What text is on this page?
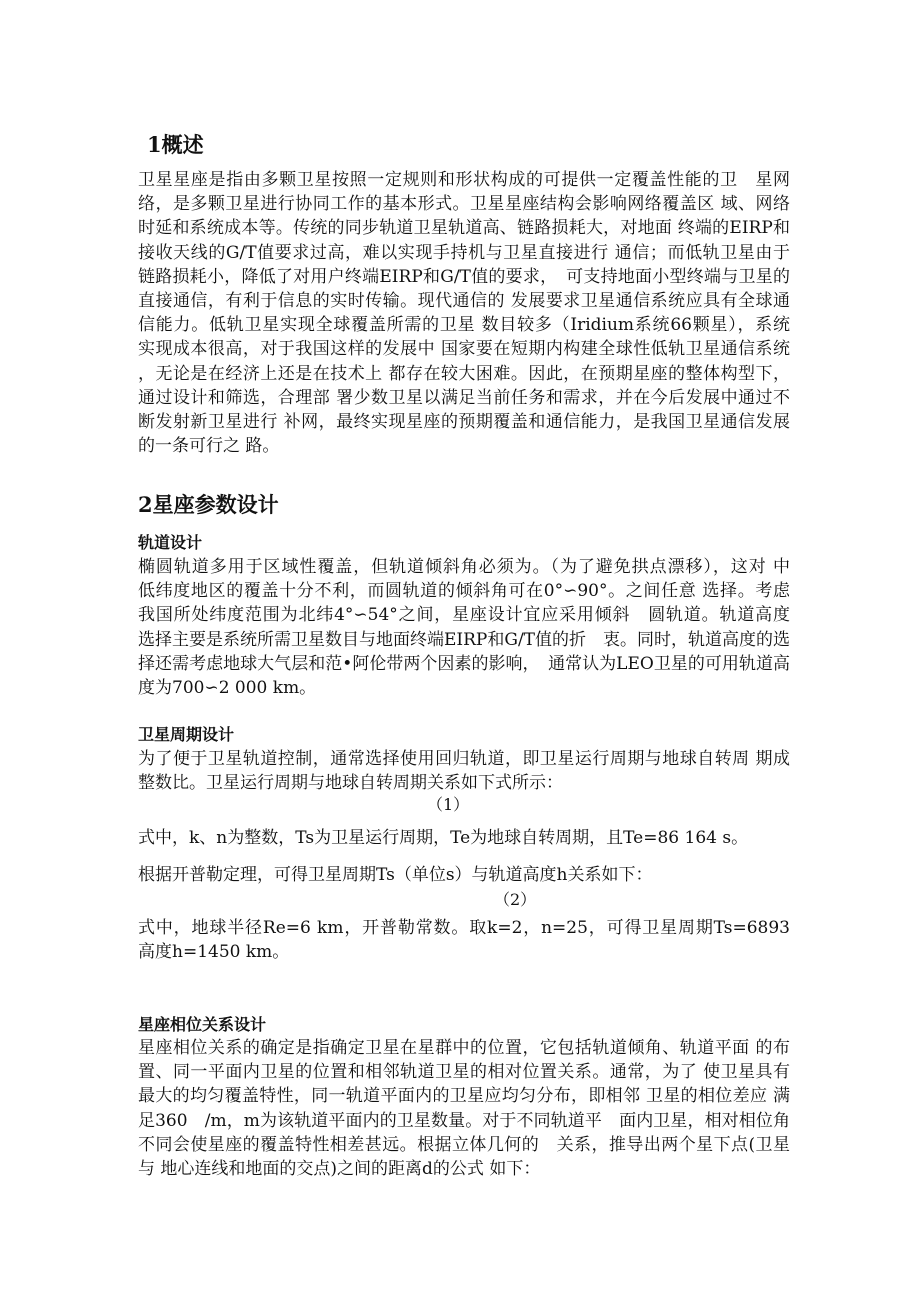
1概述
卫星星座是指由多颗卫星按照一定规则和形状构成的可提供一定覆盖性能的卫　星网
络，是多颗卫星进行协同工作的基本形式。卫星星座结构会影响网络覆盖区 域、网络
时延和系统成本等。传统的同步轨道卫星轨道高、链路损耗大，对地面 终端的EIRP和
接收天线的G/T值要求过高，难以实现手持机与卫星直接进行 通信；而低轨卫星由于
链路损耗小，降低了对用户终端EIRP和G/T值的要求，　可支持地面小型终端与卫星的
直接通信，有利于信息的实时传输。现代通信的 发展要求卫星通信系统应具有全球通
信能力。低轨卫星实现全球覆盖所需的卫星 数目较多（Iridium系统66颗星），系统
实现成本很高，对于我国这样的发展中 国家要在短期内构建全球性低轨卫星通信系统
，无论是在经济上还是在技术上 都存在较大困难。因此，在预期星座的整体构型下，
通过设计和筛选，合理部 署少数卫星以满足当前任务和需求，并在今后发展中通过不
断发射新卫星进行 补网，最终实现星座的预期覆盖和通信能力，是我国卫星通信发展
的一条可行之 路。
2星座参数设计
轨道设计
椭圆轨道多用于区域性覆盖，但轨道倾斜角必须为。（为了避免拱点漂移），这对 中
低纬度地区的覆盖十分不利，而圆轨道的倾斜角可在0°∽90°。之间任意 选择。考虑
我国所处纬度范围为北纬4°∽54°之间，星座设计宜应采用倾斜　圆轨道。轨道高度
选择主要是系统所需卫星数目与地面终端EIRP和G/T值的折　衷。同时，轨道高度的选
择还需考虑地球大气层和范•阿伦带两个因素的影响，　通常认为LEO卫星的可用轨道高
度为700∽2 000 km。
卫星周期设计
为了便于卫星轨道控制，通常选择使用回归轨道，即卫星运行周期与地球自转周 期成
整数比。卫星运行周期与地球自转周期关系如下式所示：
（1）
式中，k、n为整数，Ts为卫星运行周期，Te为地球自转周期，且Te=86 164 s。
根据开普勒定理，可得卫星周期Ts（单位s）与轨道高度h关系如下：
（2）
式中，地球半径Re=6 km，开普勒常数。取k=2，n=25，可得卫星周期Ts=6893
高度h=1450 km。
星座相位关系设计
星座相位关系的确定是指确定卫星在星群中的位置，它包括轨道倾角、轨道平面 的布
置、同一平面内卫星的位置和相邻轨道卫星的相对位置关系。通常，为了 使卫星具有
最大的均匀覆盖特性，同一轨道平面内的卫星应均匀分布，即相邻 卫星的相位差应 满
足360　/m，m为该轨道平面内的卫星数量。对于不同轨道平　面内卫星，相对相位角
不同会使星座的覆盖特性相差甚远。根据立体几何的　关系，推导出两个星下点(卫星
与 地心连线和地面的交点)之间的距离d的公式 如下：
